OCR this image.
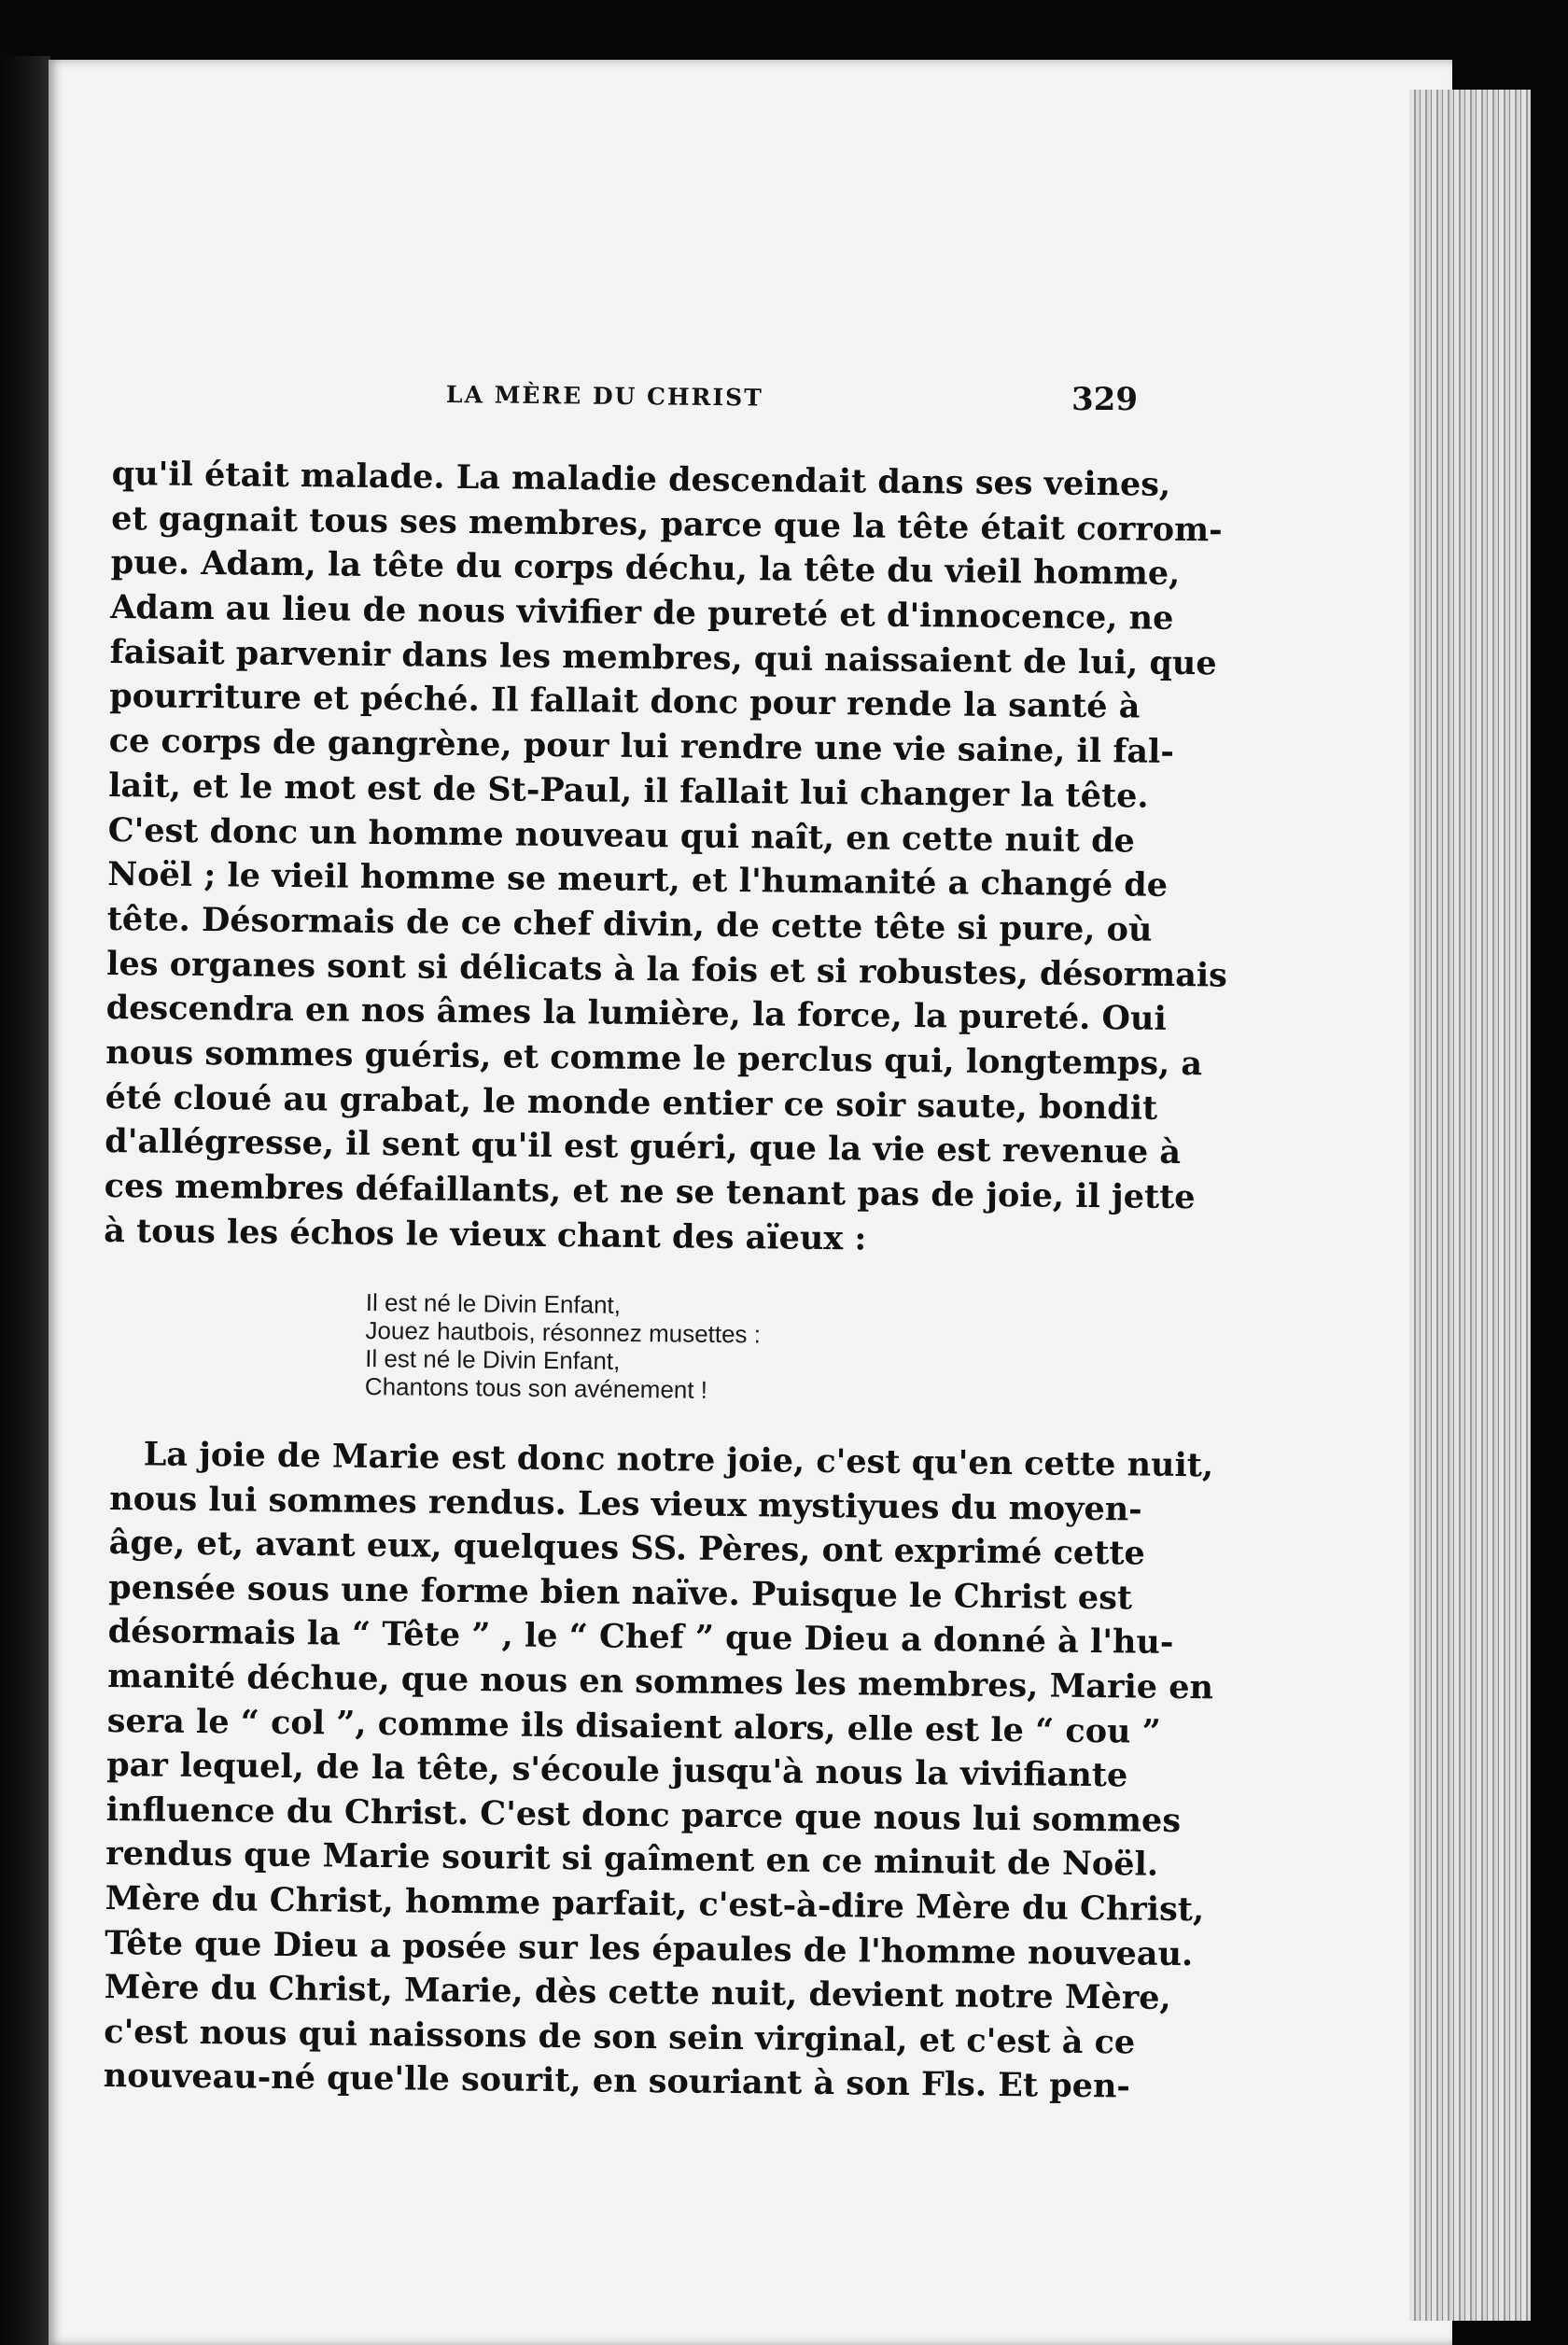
LA MÈRE DU CHRIST	329
qu'il était malade. La maladie descendait dans ses veines,
et gagnait tous ses membres, parce que la tête était corrom-
pue. Adam, la tête du corps déchu, la tête du vieil homme,
Adam au lieu de nous vivifier de pureté et d'innocence, ne
faisait parvenir dans les membres, qui naissaient de lui, que
pourriture et péché. Il fallait donc pour rende la santé à
ce corps de gangrène, pour lui rendre une vie saine, il fal-
lait, et le mot est de St-Paul, il fallait lui changer la tête.
C'est donc un homme nouveau qui naît, en cette nuit de
Noël ; le vieil homme se meurt, et l'humanité a changé de
tête. Désormais de ce chef divin, de cette tête si pure, où
les organes sont si délicats à la fois et si robustes, désormais
descendra en nos âmes la lumière, la force, la pureté. Oui
nous sommes guéris, et comme le perclus qui, longtemps, a
été cloué au grabat, le monde entier ce soir saute, bondit
d'allégresse, il sent qu'il est guéri, que la vie est revenue à
ces membres défaillants, et ne se tenant pas de joie, il jette
à tous les échos le vieux chant des aïeux :
Il est né le Divin Enfant,
Jouez hautbois, résonnez musettes :
Il est né le Divin Enfant,
Chantons tous son avénement !
La joie de Marie est donc notre joie, c'est qu'en cette nuit,
nous lui sommes rendus. Les vieux mystiyues du moyen-
âge, et, avant eux, quelques SS. Pères, ont exprimé cette
pensée sous une forme bien naïve. Puisque le Christ est
désormais la “ Tête ” , le “ Chef ” que Dieu a donné à l'hu-
manité déchue, que nous en sommes les membres, Marie en
sera le “ col ”, comme ils disaient alors, elle est le “ cou ”
par lequel, de la tête, s'écoule jusqu'à nous la vivifiante
influence du Christ. C'est donc parce que nous lui sommes
rendus que Marie sourit si gaîment en ce minuit de Noël.
Mère du Christ, homme parfait, c'est-à-dire Mère du Christ,
Tête que Dieu a posée sur les épaules de l'homme nouveau.
Mère du Christ, Marie, dès cette nuit, devient notre Mère,
c'est nous qui naissons de son sein virginal, et c'est à ce
nouveau-né que'lle sourit, en souriant à son Fls. Et pen-
